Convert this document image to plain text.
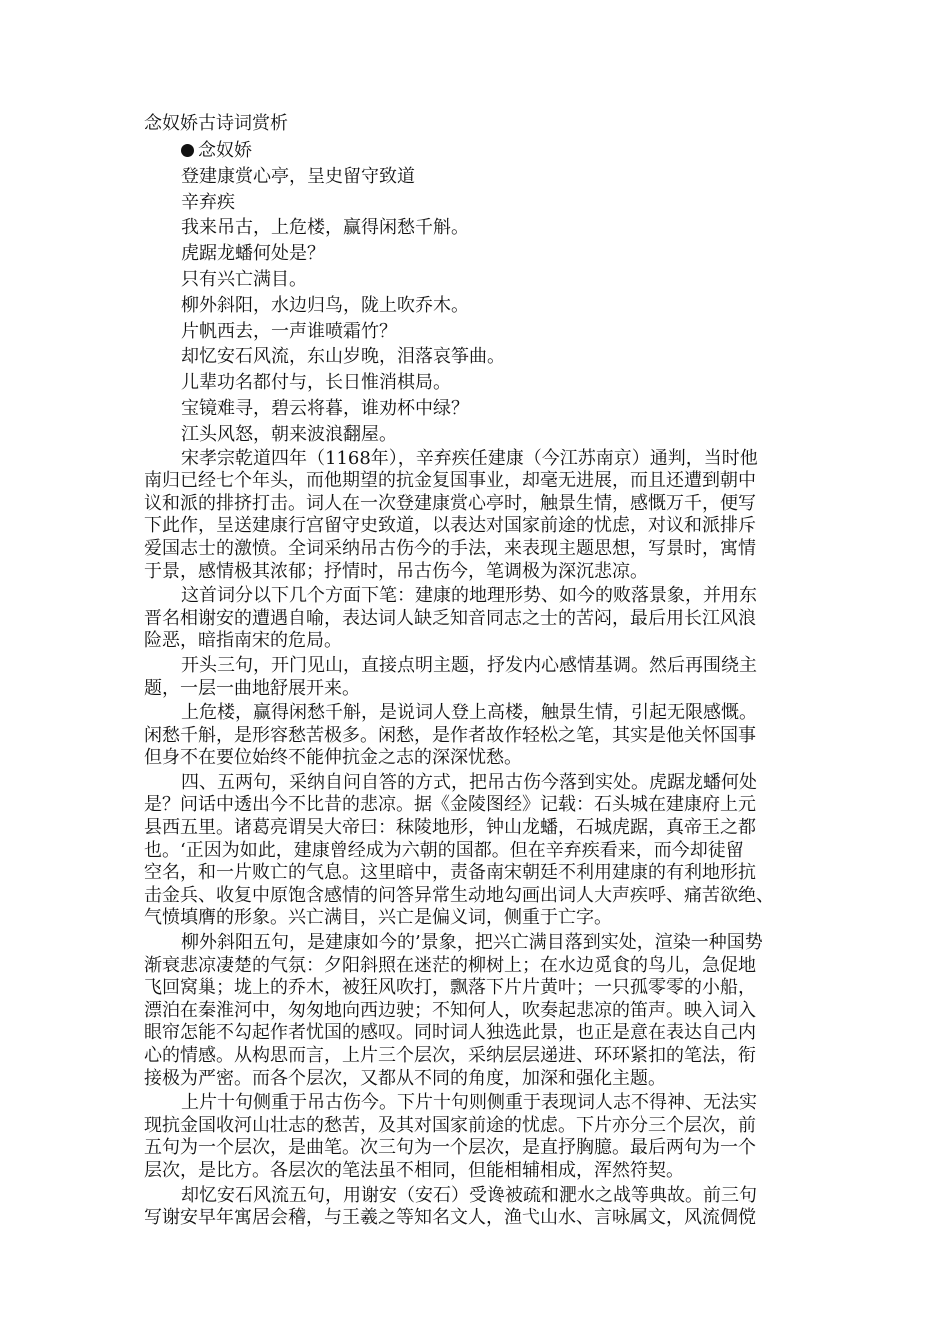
念奴娇古诗词赏析
念奴娇
登建康赏心亭，呈史留守致道
辛弃疾
我来吊古，上危楼，赢得闲愁千斛。
虎踞龙蟠何处是？
只有兴亡满目。
柳外斜阳，水边归鸟，陇上吹乔木。
片帆西去，一声谁喷霜竹？
却忆安石风流，东山岁晚，泪落哀筝曲。
儿辈功名都付与，长日惟消棋局。
宝镜难寻，碧云将暮，谁劝杯中绿？
江头风怒，朝来波浪翻屋。
宋孝宗乾道四年（1168年），辛弃疾任建康（今江苏南京）通判，当时他
南归已经七个年头，而他期望的抗金复国事业，却毫无进展，而且还遭到朝中
议和派的排挤打击。词人在一次登建康赏心亭时，触景生情，感慨万千，便写
下此作，呈送建康行宫留守史致道，以表达对国家前途的忧虑，对议和派排斥
爱国志士的激愤。全词采纳吊古伤今的手法，来表现主题思想，写景时，寓情
于景，感情极其浓郁；抒情时，吊古伤今，笔调极为深沉悲凉。
这首词分以下几个方面下笔：建康的地理形势、如今的败落景象，并用东
晋名相谢安的遭遇自喻，表达词人缺乏知音同志之士的苦闷，最后用长江风浪
险恶，暗指南宋的危局。
开头三句，开门见山，直接点明主题，抒发内心感情基调。然后再围绕主
题，一层一曲地舒展开来。
上危楼，赢得闲愁千斛，是说词人登上高楼，触景生情，引起无限感慨。
闲愁千斛，是形容愁苦极多。闲愁，是作者故作轻松之笔，其实是他关怀国事
但身不在要位始终不能伸抗金之志的深深忧愁。
四、五两句，采纳自问自答的方式，把吊古伤今落到实处。虎踞龙蟠何处
是？问话中透出今不比昔的悲凉。据《金陵图经》记载：石头城在建康府上元
县西五里。诸葛亮谓吴大帝曰：秣陵地形，钟山龙蟠，石城虎踞，真帝王之都
也。‘正因为如此，建康曾经成为六朝的国都。但在辛弃疾看来，而今却徒留
空名，和一片败亡的气息。这里暗中，责备南宋朝廷不利用建康的有利地形抗
击金兵、收复中原饱含感情的问答异常生动地勾画出词人大声疾呼、痛苦欲绝、
气愤填膺的形象。兴亡满目，兴亡是偏义词，侧重于亡字。
柳外斜阳五句，是建康如今的’景象，把兴亡满目落到实处，渲染一种国势
渐衰悲凉凄楚的气氛：夕阳斜照在迷茫的柳树上；在水边觅食的鸟儿，急促地
飞回窝巢；垅上的乔木，被狂风吹打，飘落下片片黄叶；一只孤零零的小船，
漂泊在秦淮河中，匆匆地向西边驶；不知何人，吹奏起悲凉的笛声。映入词入
眼帘怎能不勾起作者忧国的感叹。同时词人独选此景，也正是意在表达自己内
心的情感。从构思而言，上片三个层次，采纳层层递进、环环紧扣的笔法，衔
接极为严密。而各个层次，又都从不同的角度，加深和强化主题。
上片十句侧重于吊古伤今。下片十句则侧重于表现词人志不得神、无法实
现抗金国收河山壮志的愁苦，及其对国家前途的忧虑。下片亦分三个层次，前
五句为一个层次，是曲笔。次三句为一个层次，是直抒胸臆。最后两句为一个
层次，是比方。各层次的笔法虽不相同，但能相辅相成，浑然符契。
却忆安石风流五句，用谢安（安石）受谗被疏和淝水之战等典故。前三句
写谢安早年寓居会稽，与王羲之等知名文人，渔弋山水、言咏属文，风流倜傥
